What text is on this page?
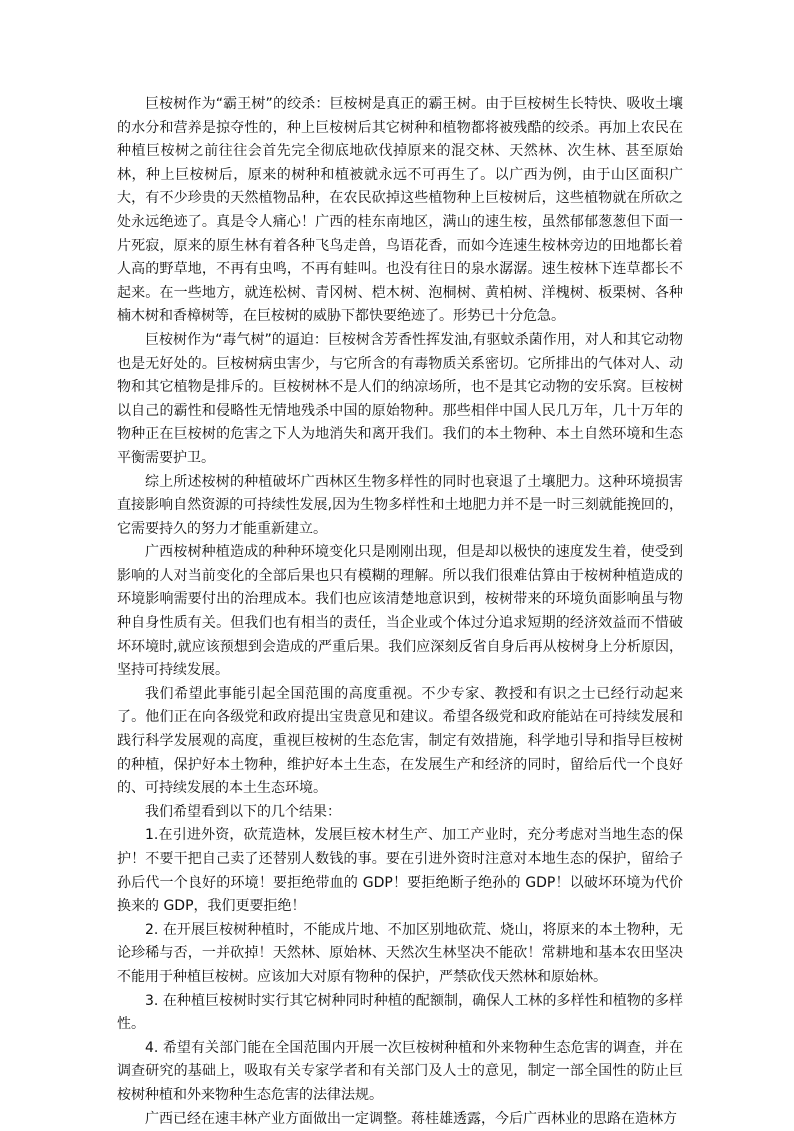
巨桉树作为“霸王树”的绞杀：巨桉树是真正的霸王树。由于巨桉树生长特快、吸收土壤的水分和营养是掠夺性的，种上巨桉树后其它树种和植物都将被残酷的绞杀。再加上农民在种植巨桉树之前往往会首先完全彻底地砍伐掉原来的混交林、天然林、次生林、甚至原始林，种上巨桉树后，原来的树种和植被就永远不可再生了。以广西为例，由于山区面积广大，有不少珍贵的天然植物品种，在农民砍掉这些植物种上巨桉树后，这些植物就在所砍之处永远绝迹了。真是令人痛心！广西的桂东南地区，满山的速生桉，虽然郁郁葱葱但下面一片死寂，原来的原生林有着各种飞鸟走兽，鸟语花香，而如今连速生桉林旁边的田地都长着人高的野草地，不再有虫鸣，不再有蛙叫。也没有往日的泉水潺潺。速生桉林下连草都长不起来。在一些地方，就连松树、青冈树、桤木树、泡桐树、黄柏树、洋槐树、板栗树、各种楠木树和香樟树等，在巨桉树的威胁下都快要绝迹了。形势已十分危急。

巨桉树作为“毒气树”的逼迫：巨桉树含芳香性挥发油,有驱蚊杀菌作用，对人和其它动物也是无好处的。巨桉树病虫害少，与它所含的有毒物质关系密切。它所排出的气体对人、动物和其它植物是排斥的。巨桉树林不是人们的纳凉场所，也不是其它动物的安乐窝。巨桉树以自己的霸性和侵略性无情地残杀中国的原始物种。那些相伴中国人民几万年，几十万年的物种正在巨桉树的危害之下人为地消失和离开我们。我们的本土物种、本土自然环境和生态平衡需要护卫。

综上所述桉树的种植破坏广西林区生物多样性的同时也衰退了土壤肥力。这种环境损害直接影响自然资源的可持续性发展,因为生物多样性和土地肥力并不是一时三刻就能挽回的，它需要持久的努力才能重新建立。

广西桉树种植造成的种种环境变化只是刚刚出现，但是却以极快的速度发生着，使受到影响的人对当前变化的全部后果也只有模糊的理解。所以我们很难估算由于桉树种植造成的环境影响需要付出的治理成本。我们也应该清楚地意识到，桉树带来的环境负面影响虽与物种自身性质有关。但我们也有相当的责任，当企业或个体过分追求短期的经济效益而不惜破坏环境时,就应该预想到会造成的严重后果。我们应深刻反省自身后再从桉树身上分析原因，坚持可持续发展。

我们希望此事能引起全国范围的高度重视。不少专家、教授和有识之士已经行动起来了。他们正在向各级党和政府提出宝贵意见和建议。希望各级党和政府能站在可持续发展和践行科学发展观的高度，重视巨桉树的生态危害，制定有效措施，科学地引导和指导巨桉树的种植，保护好本土物种，维护好本土生态，在发展生产和经济的同时，留给后代一个良好的、可持续发展的本土生态环境。

我们希望看到以下的几个结果：

1.在引进外资，砍荒造林，发展巨桉木材生产、加工产业时，充分考虑对当地生态的保护！不要干把自己卖了还替别人数钱的事。要在引进外资时注意对本地生态的保护，留给子孙后代一个良好的环境！要拒绝带血的 GDP！要拒绝断子绝孙的 GDP！以破坏环境为代价换来的 GDP，我们更要拒绝！

2. 在开展巨桉树种植时，不能成片地、不加区别地砍荒、烧山，将原来的本土物种，无论珍稀与否，一并砍掉！天然林、原始林、天然次生林坚决不能砍！常耕地和基本农田坚决不能用于种植巨桉树。应该加大对原有物种的保护，严禁砍伐天然林和原始林。

3. 在种植巨桉树时实行其它树种同时种植的配额制，确保人工林的多样性和植物的多样性。

4. 希望有关部门能在全国范围内开展一次巨桉树种植和外来物种生态危害的调查，并在调查研究的基础上，吸取有关专家学者和有关部门及人士的意见，制定一部全国性的防止巨桉树种植和外来物种生态危害的法律法规。

广西已经在速丰林产业方面做出一定调整。蒋桂雄透露，今后广西林业的思路在造林方
